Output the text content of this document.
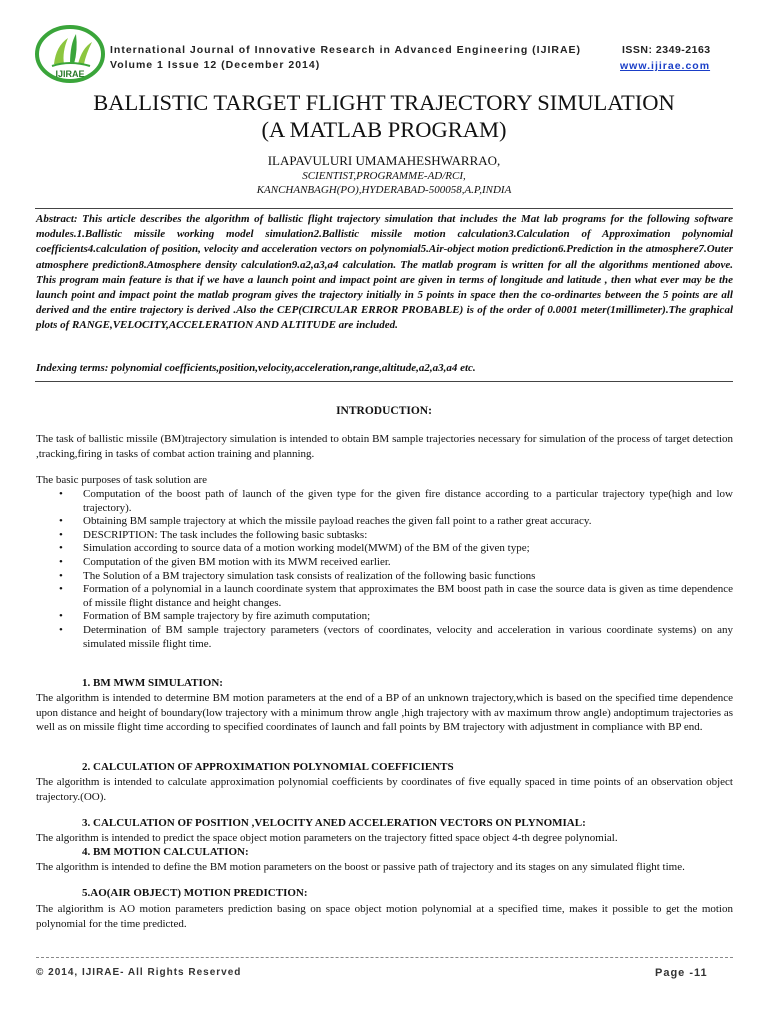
IJIRAE
International Journal of Innovative Research in Advanced Engineering (IJIRAE)
Volume 1 Issue 12 (December 2014)
ISSN: 2349-2163
www.ijirae.com
BALLISTIC TARGET FLIGHT TRAJECTORY SIMULATION
(A MATLAB PROGRAM)
ILAPAVULURI UMAMAHESHWARRAO,
SCIENTIST,PROGRAMME-AD/RCI,
KANCHANBAGH(PO),HYDERABAD-500058,A.P,INDIA
Abstract: This article describes the algorithm of ballistic flight trajectory simulation that includes the Mat lab programs for the following software modules.1.Ballistic missile working model simulation2.Ballistic missile motion calculation3.Calculation of Approximation polynomial coefficients4.calculation of position, velocity and acceleration vectors on polynomial5.Air-object motion prediction6.Prediction in the atmosphere7.Outer atmosphere prediction8.Atmosphere density calculation9.a2,a3,a4 calculation. The matlab program is written for all the algorithms mentioned above. This program main feature is that if we have a launch point and impact point are given in terms of longitude and latitude , then what ever may be the launch point and impact point the matlab program gives the trajectory initially in 5 points in space then the co-ordinartes between the 5 points are all derived and the entire trajectory is derived .Also the CEP(CIRCULAR ERROR PROBABLE) is of the order of 0.0001 meter(1millimeter).The graphical plots of RANGE,VELOCITY,ACCELERATION AND ALTITUDE are included.
Indexing terms: polynomial coefficients,position,velocity,acceleration,range,altitude,a2,a3,a4 etc.
INTRODUCTION:
The task of ballistic missile (BM)trajectory simulation is intended to obtain BM sample trajectories necessary for simulation of the process of target detection ,tracking,firing in tasks of combat action training and planning.
The basic purposes of task solution are
• Computation of the boost path of launch of the given type for the given fire distance according to a particular trajectory type(high and low trajectory).
• Obtaining BM sample trajectory at which the missile payload reaches the given fall point to a rather great accuracy.
• DESCRIPTION: The task includes the following basic subtasks:
• Simulation according to source data of a motion working model(MWM) of the BM of the given type;
• Computation of the given BM motion with its MWM received earlier.
• The Solution of a BM trajectory simulation task consists of realization of the following basic functions
• Formation of a polynomial in a launch coordinate system that approximates the BM boost path in case the source data is given as time dependence of missile flight distance and height changes.
• Formation of BM sample trajectory by fire azimuth computation;
• Determination of BM sample trajectory parameters (vectors of coordinates, velocity and acceleration in various coordinate systems) on any simulated missile flight time.
1. BM MWM SIMULATION:
The algorithm is intended to determine BM motion parameters at the end of a BP of an unknown trajectory,which is based on the specified time dependence upon distance and height of boundary(low trajectory with a minimum throw angle ,high trajectory with av maximum throw angle) andoptimum trajectories as well as on missile flight time according to specified coordinates of launch and fall points by BM trajectory with adjustment in compliance with BP end.
2. CALCULATION OF APPROXIMATION POLYNOMIAL COEFFICIENTS
The algorithm is intended to calculate approximation polynomial coefficients by coordinates of five equally spaced in time points of an observation object trajectory.(OO).
3. CALCULATION OF POSITION ,VELOCITY ANED ACCELERATION VECTORS ON PLYNOMIAL:
The algorithm is intended to predict the space object motion parameters on the trajectory fitted space object 4-th degree polynomial.
4. BM MOTION CALCULATION:
The algorithm is intended to define the BM motion parameters on the boost or passive path of trajectory and its stages on any simulated flight time.
5.AO(AIR OBJECT) MOTION PREDICTION:
The algiorithm is AO motion parameters prediction basing on space object motion polynomial at a specified time, makes it possible to get the motion polynomial for the time predicted.
© 2014, IJIRAE- All Rights Reserved	Page -11
